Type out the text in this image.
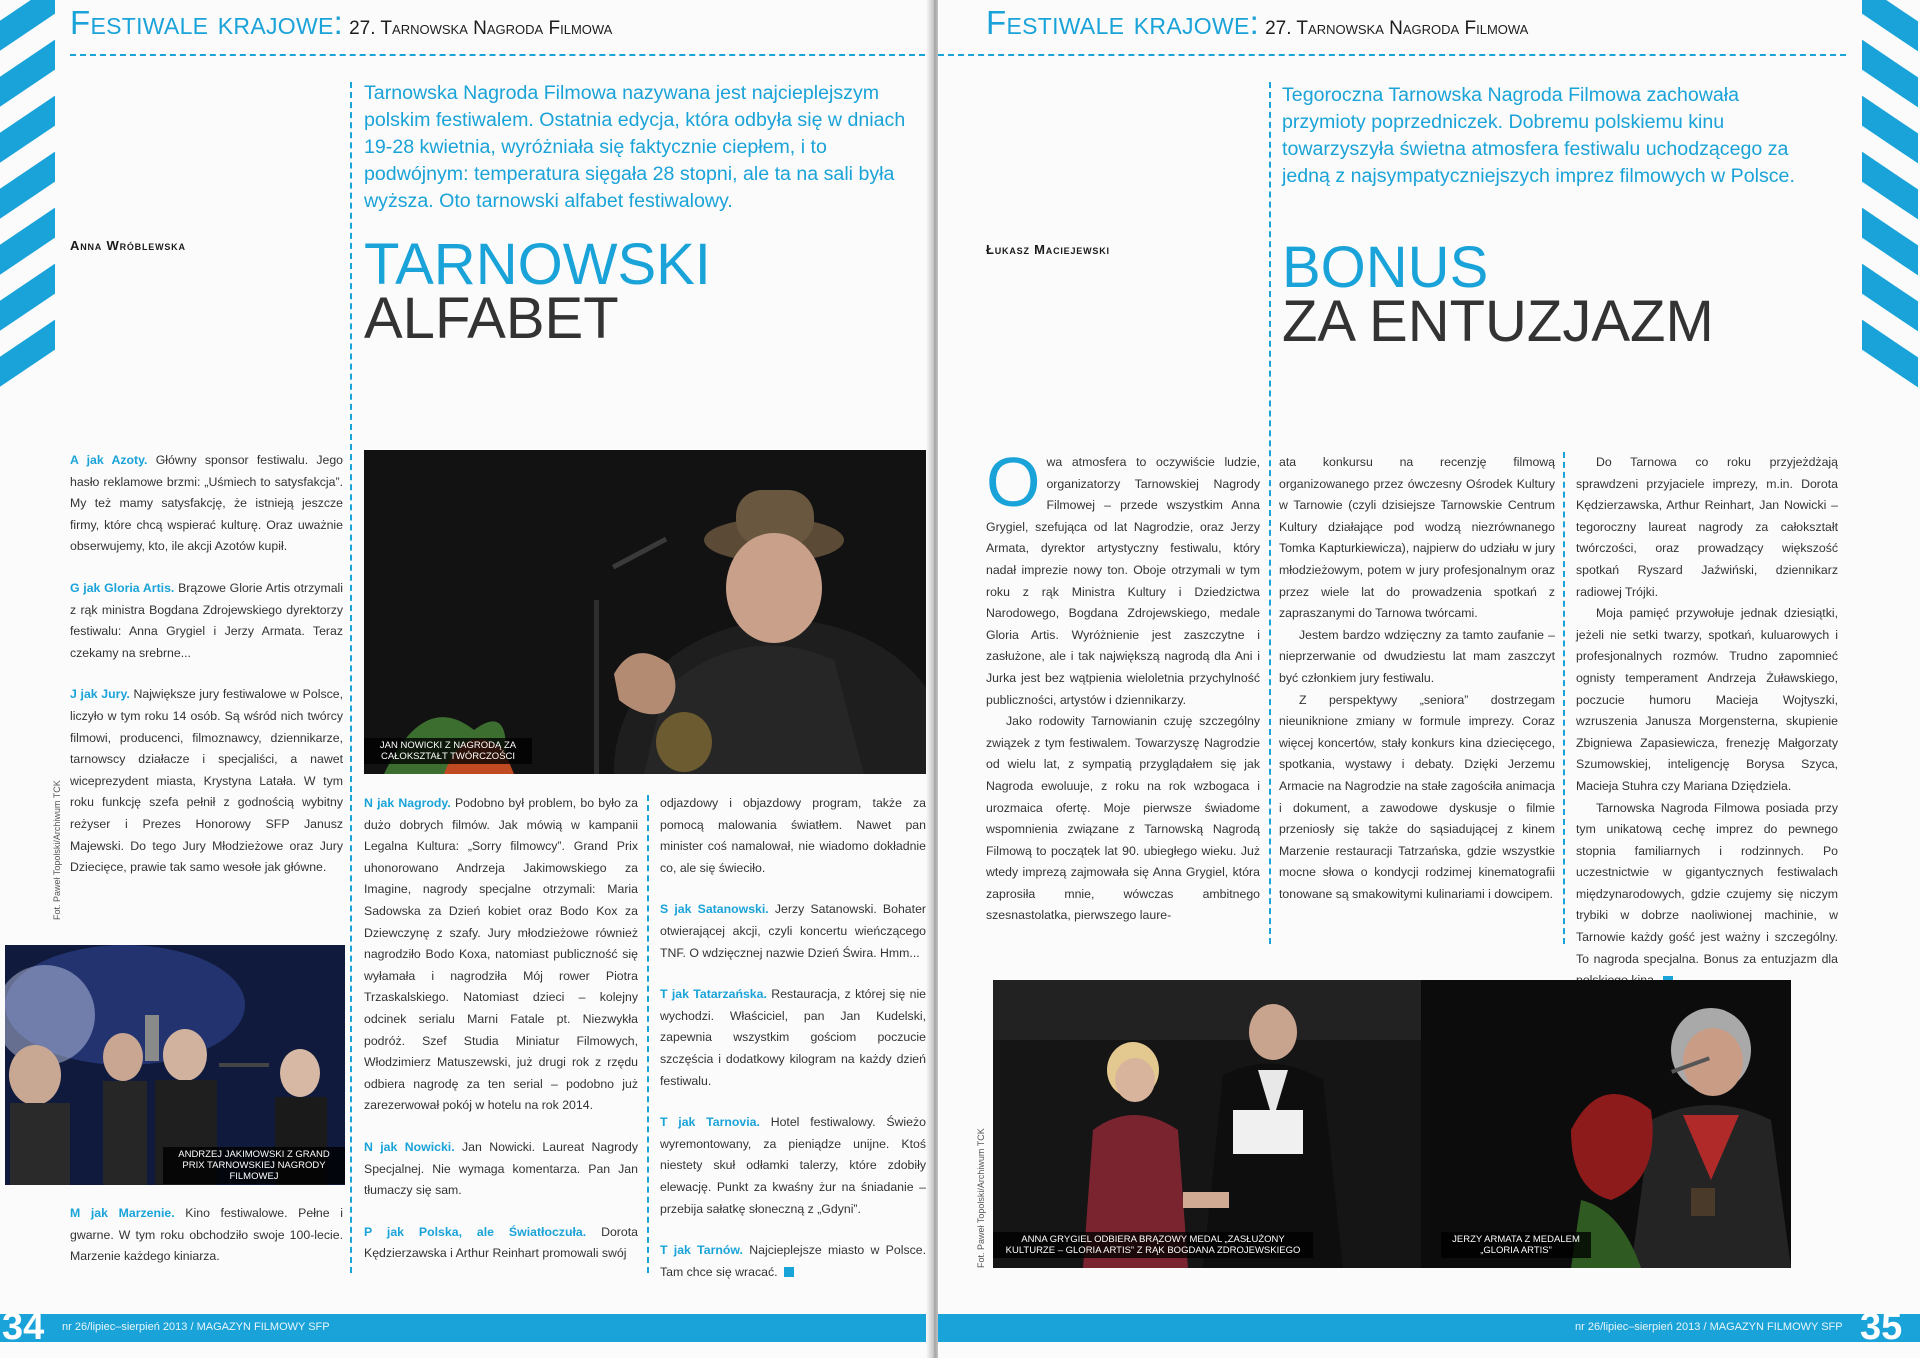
Festiwale krajowe: 27. Tarnowska Nagroda Filmowa
Tarnowska Nagroda Filmowa nazywana jest najcieplejszym polskim festiwalem. Ostatnia edycja, która odbyła się w dniach 19-28 kwietnia, wyróżniała się faktycznie ciepłem, i to podwójnym: temperatura sięgała 28 stopni, ale ta na sali była wyższa. Oto tarnowski alfabet festiwalowy.
Anna Wróblewska	TARNOWSKI
ALFABET
JAN NOWICKI Z NAGRODĄ ZA CAŁOKSZTAŁT TWÓRCZOŚCI
A jak Azoty. Główny sponsor festiwalu. Jego hasło reklamowe brzmi: „Uśmiech to satysfakcja”. My też mamy satysfakcję, że istnieją jeszcze firmy, które chcą wspierać kulturę. Oraz uważnie obserwujemy, kto, ile akcji Azotów kupił.
G jak Gloria Artis. Brązowe Glorie Artis otrzymali z rąk ministra Bogdana Zdrojewskiego dyrektorzy festiwalu: Anna Grygiel i Jerzy Armata. Teraz czekamy na srebrne...
J jak Jury. Największe jury festiwalowe w Polsce, liczyło w tym roku 14 osób. Są wśród nich twórcy filmowi, producenci, filmoznawcy, dziennikarze, tarnowscy działacze i specjaliści, a nawet wiceprezydent miasta, Krystyna Latała. W tym roku funkcję szefa pełnił z godnością wybitny reżyser i Prezes Honorowy SFP Janusz Majewski. Do tego Jury Młodzieżowe oraz Jury Dziecięce, prawie tak samo wesołe jak główne.
Fot. Paweł Topolski/Archiwum TCK
ANDRZEJ JAKIMOWSKI Z GRAND PRIX TARNOWSKIEJ NAGRODY FILMOWEJ
M jak Marzenie. Kino festiwalowe. Pełne i gwarne. W tym roku obchodziło swoje 100-lecie. Marzenie każdego kiniarza.
N jak Nagrody. Podobno był problem, bo było za dużo dobrych filmów. Jak mówią w kampanii Legalna Kultura: „Sorry filmowcy”. Grand Prix uhonorowano Andrzeja Jakimowskiego za Imagine, nagrody specjalne otrzymali: Maria Sadowska za Dzień kobiet oraz Bodo Kox za Dziewczynę z szafy. Jury młodzieżowe również nagrodziło Bodo Koxa, natomiast publiczność się wyłamała i nagrodziła Mój rower Piotra Trzaskalskiego. Natomiast dzieci – kolejny odcinek serialu Marni Fatale pt. Niezwykła podróż. Szef Studia Miniatur Filmowych, Włodzimierz Matuszewski, już drugi rok z rzędu odbiera nagrodę za ten serial – podobno już zarezerwował pokój w hotelu na rok 2014.
N jak Nowicki. Jan Nowicki. Laureat Nagrody Specjalnej. Nie wymaga komentarza. Pan Jan tłumaczy się sam.
P jak Polska, ale Światłoczuła. Dorota Kędzierzawska i Arthur Reinhart promowali swój
odjazdowy i objazdowy program, także za pomocą malowania światłem. Nawet pan minister coś namalował, nie wiadomo dokładnie co, ale się świeciło.
S jak Satanowski. Jerzy Satanowski. Bohater otwierającej akcji, czyli koncertu wieńczącego TNF. O wdzięcznej nazwie Dzień Świra. Hmm...
T jak Tatarzańska. Restauracja, z której się nie wychodzi. Właściciel, pan Jan Kudelski, zapewnia wszystkim gościom poczucie szczęścia i dodatkowy kilogram na każdy dzień festiwalu.
T jak Tarnovia. Hotel festiwalowy. Świeżo wyremontowany, za pieniądze unijne. Ktoś niestety skuł odłamki talerzy, które zdobiły elewację. Punkt za kwaśny żur na śniadanie – przebija sałatkę słoneczną z „Gdyni”.
T jak Tarnów. Najcieplejsze miasto w Polsce. Tam chce się wracać.
34 nr 26/lipiec–sierpień 2013 / MAGAZYN FILMOWY SFP
Festiwale krajowe: 27. Tarnowska Nagroda Filmowa
Tegoroczna Tarnowska Nagroda Filmowa zachowała przymioty poprzedniczek. Dobremu polskiemu kinu towarzyszyła świetna atmosfera festiwalu uchodzącego za jedną z najsympatyczniejszych imprez filmowych w Polsce.
Łukasz Maciejewski	BONUS
ZA ENTUZJAZM

Owa atmosfera to oczywiście ludzie, organizatorzy Tarnowskiej Nagrody Filmowej – przede wszystkim Anna Grygiel, szefująca od lat Nagrodzie, oraz Jerzy Armata, dyrektor artystyczny festiwalu, który nadał imprezie nowy ton. Oboje otrzymali w tym roku z rąk Ministra Kultury i Dziedzictwa Narodowego, Bogdana Zdrojewskiego, medale Gloria Artis. Wyróżnienie jest zaszczytne i zasłużone, ale i tak największą nagrodą dla Ani i Jurka jest bez wątpienia wieloletnia przychylność publiczności, artystów i dziennikarzy.

Jako rodowity Tarnowianin czuję szczególny związek z tym festiwalem. Towarzyszę Nagrodzie od wielu lat, z sympatią przyglądałem się jak Nagroda ewoluuje, z roku na rok wzbogaca i urozmaica ofertę. Moje pierwsze świadome wspomnienia związane z Tarnowską Nagrodą Filmową to początek lat 90. ubiegłego wieku. Już wtedy imprezą zajmowała się Anna Grygiel, która zaprosiła mnie, wówczas ambitnego szesnastolatka, pierwszego laure-

ata konkursu na recenzję filmową organizowanego przez ówczesny Ośrodek Kultury w Tarnowie (czyli dzisiejsze Tarnowskie Centrum Kultury działające pod wodzą niezrównanego Tomka Kapturkiewicza), najpierw do udziału w jury młodzieżowym, potem w jury profesjonalnym oraz przez wiele lat do prowadzenia spotkań z zapraszanymi do Tarnowa twórcami.

Jestem bardzo wdzięczny za tamto zaufanie – nieprzerwanie od dwudziestu lat mam zaszczyt być członkiem jury festiwalu.

Z perspektywy „seniora” dostrzegam nieuniknione zmiany w formule imprezy. Coraz więcej koncertów, stały konkurs kina dziecięcego, spotkania, wystawy i debaty. Dzięki Jerzemu Armacie na Nagrodzie na stałe zagościła animacja i dokument, a zawodowe dyskusje o filmie przeniosły się także do sąsiadującej z kinem Marzenie restauracji Tatrzańska, gdzie wszystkie mocne słowa o kondycji rodzimej kinematografii tonowane są smakowitymi kulinariami i dowcipem.

Do Tarnowa co roku przyjeżdżają sprawdzeni przyjaciele imprezy, m.in. Dorota Kędzierzawska, Arthur Reinhart, Jan Nowicki – tegoroczny laureat nagrody za całokształt twórczości, oraz prowadzący większość spotkań Ryszard Jaźwiński, dziennikarz radiowej Trójki.

Moja pamięć przywołuje jednak dziesiątki, jeżeli nie setki twarzy, spotkań, kuluarowych i profesjonalnych rozmów. Trudno zapomnieć ognisty temperament Andrzeja Żuławskiego, poczucie humoru Macieja Wojtyszki, wzruszenia Janusza Morgensterna, skupienie Zbigniewa Zapasiewicza, frenezję Małgorzaty Szumowskiej, inteligencję Borysa Szyca, Macieja Stuhra czy Mariana Dziędziela.

Tarnowska Nagroda Filmowa posiada przy tym unikatową cechę imprez do pewnego stopnia familiarnych i rodzinnych. Po uczestnictwie w gigantycznych festiwalach międzynarodowych, gdzie czujemy się niczym trybiki w dobrze naoliwionej machinie, w Tarnowie każdy gość jest ważny i szczególny. To nagroda specjalna. Bonus za entuzjazm dla

Fot. Paweł Topolski/Archiwum TCK	ANNA GRYGIEL ODBIERA BRĄZOWY MEDAL „ZASŁUŻONY KULTURZE – GLORIA ARTIS” Z RĄK BOGDANA ZDROJEWSKIEGO
JERZY ARMATA Z MEDALEM „GLORIA ARTIS”
nr 26/lipiec–sierpień 2013 / MAGAZYN FILMOWY SFP 35
